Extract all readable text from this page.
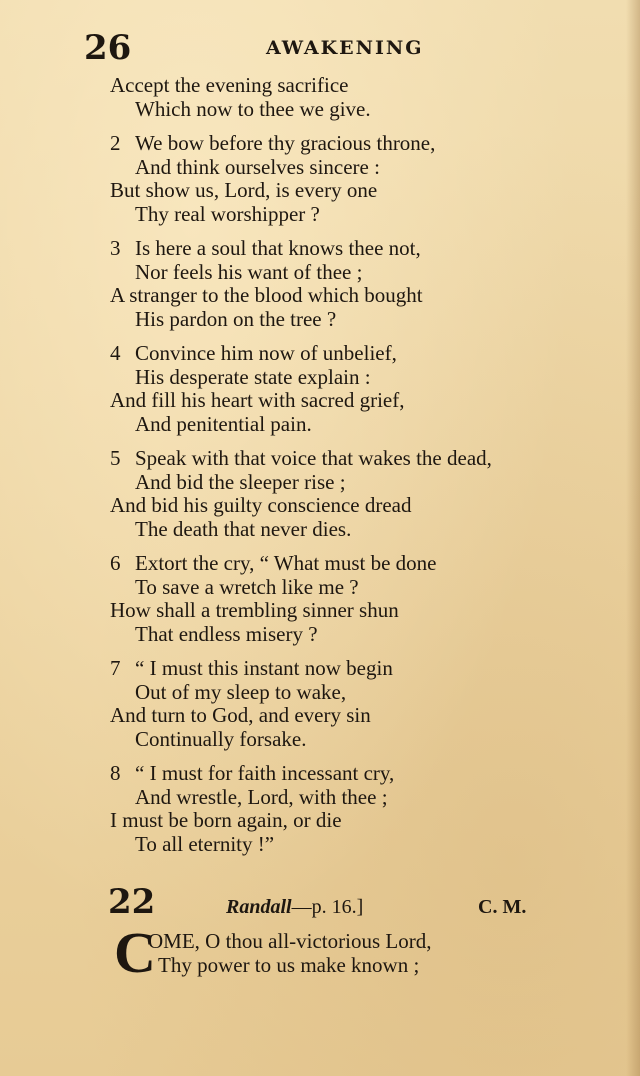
26	AWAKENING
Accept the evening sacrifice
Which now to thee we give.
2 We bow before thy gracious throne,
And think ourselves sincere :
But show us, Lord, is every one
Thy real worshipper ?
3 Is here a soul that knows thee not,
Nor feels his want of thee ;
A stranger to the blood which bought
His pardon on the tree ?
4 Convince him now of unbelief,
His desperate state explain :
And fill his heart with sacred grief,
And penitential pain.
5 Speak with that voice that wakes the dead,
And bid the sleeper rise ;
And bid his guilty conscience dread
The death that never dies.
6 Extort the cry, “ What must be done
To save a wretch like me ?
How shall a trembling sinner shun
That endless misery ?
7 “ I must this instant now begin
Out of my sleep to wake,
And turn to God, and every sin
Continually forsake.
8 “ I must for faith incessant cry,
And wrestle, Lord, with thee ;
I must be born again, or die
To all eternity !”
22	Randall—p. 16.]	C. M.
C
OME, O thou all-victorious Lord,
Thy power to us make known ;
